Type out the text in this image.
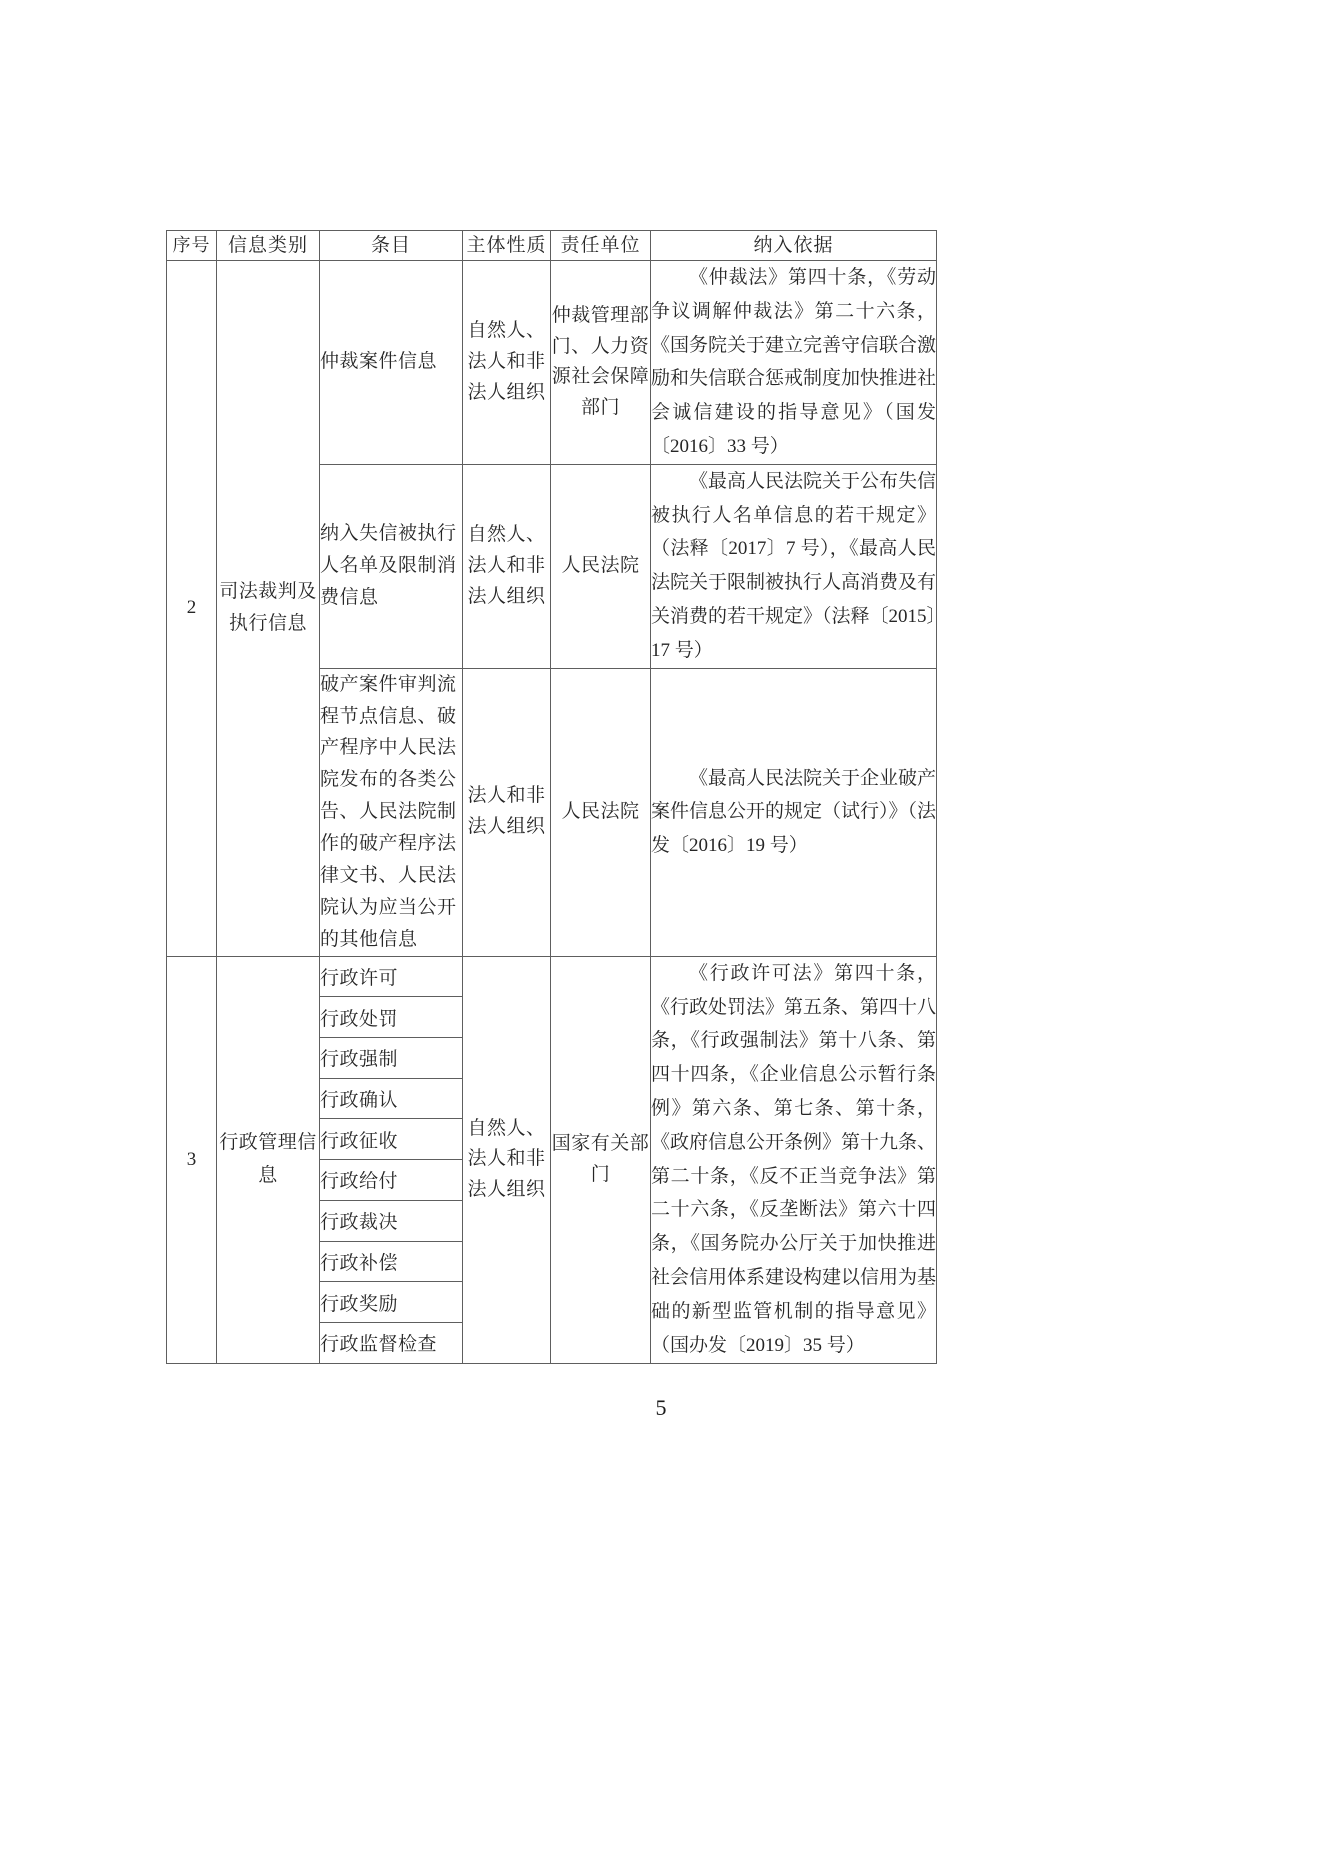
序号	信息类别	条目	主体性质	责任单位	纳入依据
2	司法裁判及执行信息	仲裁案件信息	自然人、法人和非法人组织	仲裁管理部门、人力资源社会保障部门	《仲裁法》第四十条，《劳动争议调解仲裁法》第二十六条，《国务院关于建立完善守信联合激励和失信联合惩戒制度加快推进社会诚信建设的指导意见》（国发〔2016〕33 号）
		纳入失信被执行人名单及限制消费信息	自然人、法人和非法人组织	人民法院	《最高人民法院关于公布失信被执行人名单信息的若干规定》（法释〔2017〕7 号），《最高人民法院关于限制被执行人高消费及有关消费的若干规定》（法释〔2015〕17 号）
		破产案件审判流程节点信息、破产程序中人民法院发布的各类公告、人民法院制作的破产程序法律文书、人民法院认为应当公开的其他信息	法人和非法人组织	人民法院	《最高人民法院关于企业破产案件信息公开的规定（试行）》（法发〔2016〕19 号）
3	行政管理信息	行政许可	自然人、法人和非法人组织	国家有关部门	《行政许可法》第四十条，《行政处罚法》第五条、第四十八条，《行政强制法》第十八条、第四十四条，《企业信息公示暂行条例》第六条、第七条、第十条，《政府信息公开条例》第十九条、第二十条，《反不正当竞争法》第二十六条，《反垄断法》第六十四条，《国务院办公厅关于加快推进社会信用体系建设构建以信用为基础的新型监管机制的指导意见》（国办发〔2019〕35 号）
		行政处罚			
		行政强制			
		行政确认			
		行政征收			
		行政给付			
		行政裁决			
		行政补偿			
		行政奖励			
		行政监督检查			
5
